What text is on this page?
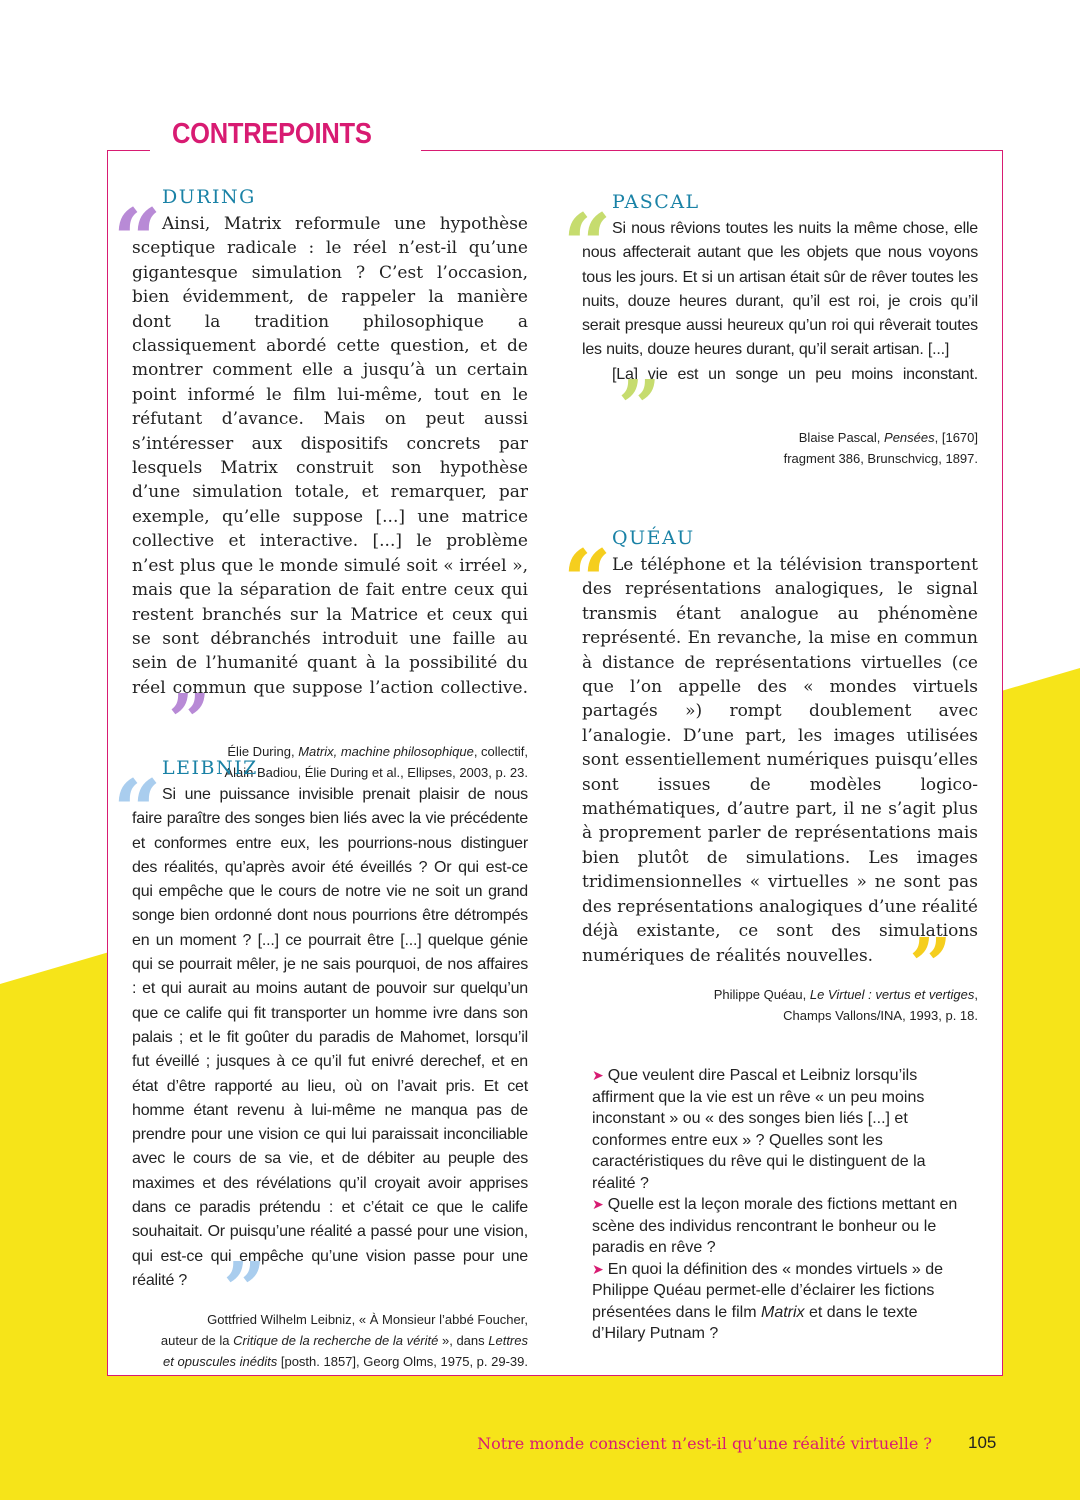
CONTREPOINTS
“ DURING

Ainsi, Matrix reformule une hypothèse sceptique radicale : le réel n’est-il qu’une gigantesque simulation ? C’est l’occasion, bien évidemment, de rappeler la manière dont la tradition philosophique a classiquement abordé cette question, et de montrer comment elle a jusqu’à un certain point informé le film lui-même, tout en le réfutant d’avance. Mais on peut aussi s’intéresser aux dispositifs concrets par lesquels Matrix construit son hypothèse d’une simulation totale, et remarquer, par exemple, qu’elle suppose [...] une matrice collective et interactive. [...] le problème n’est plus que le monde simulé soit « irréel », mais que la séparation de fait entre ceux qui restent branchés sur la Matrice et ceux qui se sont débranchés introduit une faille au sein de l’humanité quant à la possibilité du réel commun que suppose l’action collective.”	Élie During, Matrix, machine philosophique, collectif,
Alain Badiou, Élie During et al., Ellipses, 2003, p. 23.
“ LEIBNIZ

Si une puissance invisible prenait plaisir de nous faire paraître des songes bien liés avec la vie précédente et conformes entre eux, les pourrions-nous distinguer des réalités, qu’après avoir été éveillés ? Or qui est-ce qui empêche que le cours de notre vie ne soit un grand songe bien ordonné dont nous pourrions être détrompés en un moment ? [...] ce pourrait être [...] quelque génie qui se pourrait mêler, je ne sais pourquoi, de nos affaires : et qui aurait au moins autant de pouvoir sur quelqu’un que ce calife qui fit transporter un homme ivre dans son palais ; et le fit goûter du paradis de Mahomet, lorsqu’il fut éveillé ; jusques à ce qu’il fut enivré derechef, et en état d’être rapporté au lieu, où on l’avait pris. Et cet homme étant revenu à lui-même ne manqua pas de prendre pour une vision ce qui lui paraissait inconciliable avec le cours de sa vie, et de débiter au peuple des maximes et des révélations qu’il croyait avoir apprises dans ce paradis prétendu : et c’était ce que le calife souhaitait. Or puisqu’une réalité a passé pour une vision, qui est-ce qui empêche qu’une vision passe pour une réalité ? ”

Gottfried Wilhelm Leibniz, « À Monsieur l’abbé Foucher,
auteur de la Critique de la recherche de la vérité », dans Lettres
et opuscules inédits [posth. 1857], Georg Olms, 1975, p. 29-39.
“ PASCAL

Si nous rêvions toutes les nuits la même chose, elle nous affecterait autant que les objets que nous voyons tous les jours. Et si un artisan était sûr de rêver toutes les nuits, douze heures durant, qu’il est roi, je crois qu’il serait presque aussi heureux qu’un roi qui rêverait toutes les nuits, douze heures durant, qu’il serait artisan. [...]

[La] vie est un songe un peu moins inconstant.”	Blaise Pascal, Pensées, [1670]
fragment 386, Brunschvicg, 1897.
“ QUÉAU

Le téléphone et la télévision transportent des représentations analogiques, le signal transmis étant analogue au phénomène représenté. En revanche, la mise en commun à distance de représentations virtuelles (ce que l’on appelle des « mondes virtuels partagés ») rompt doublement avec l’analogie. D’une part, les images utilisées sont essentiellement numériques puisqu’elles sont issues de modèles logico-mathématiques, d’autre part, il ne s’agit plus à proprement parler de représentations mais bien plutôt de simulations. Les images tridimensionnelles « virtuelles » ne sont pas des représentations analogiques d’une réalité déjà existante, ce sont des simulations numériques de réalités nouvelles. ”

Philippe Quéau, Le Virtuel : vertus et vertiges,
Champs Vallons/INA, 1993, p. 18.

➤ Que veulent dire Pascal et Leibniz lorsqu’ils affirment que la vie est un rêve « un peu moins inconstant » ou « des songes bien liés [...] et conformes entre eux » ? Quelles sont les caractéristiques du rêve qui le distinguent de la réalité ?

➤ Quelle est la leçon morale des fictions mettant en scène des individus rencontrant le bonheur ou le paradis en rêve ?

➤ En quoi la définition des « mondes virtuels » de Philippe Quéau permet-elle d’éclairer les fictions présentées dans le film Matrix et dans le texte d’Hilary Putnam ?

Notre monde conscient n’est-il qu’une réalité virtuelle ? 105
